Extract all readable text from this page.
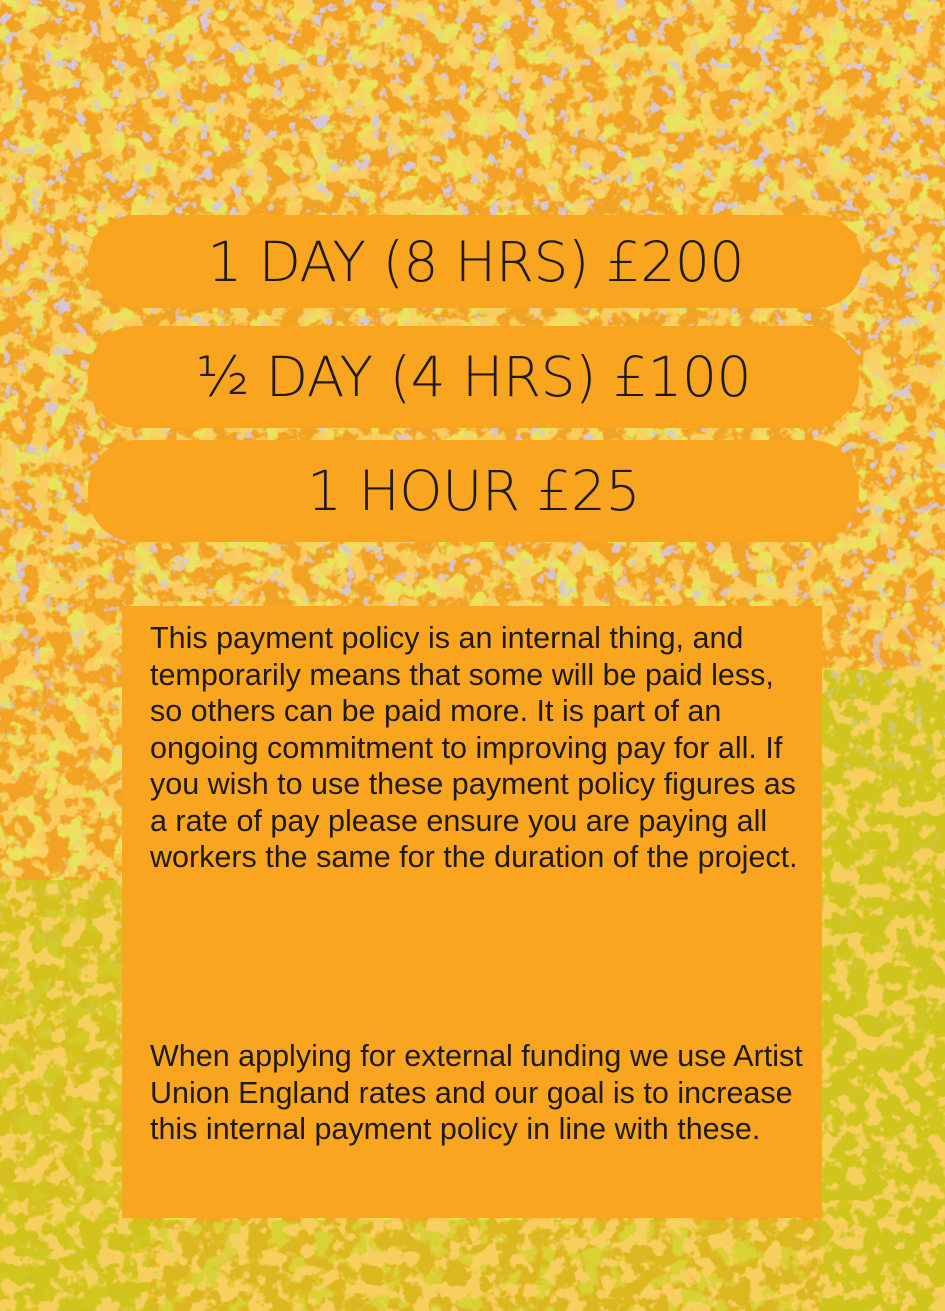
1 DAY (8 HRS) £200
½ DAY (4 HRS) £100
1 HOUR £25

This payment policy is an internal thing, and temporarily means that some will be paid less, so others can be paid more. It is part of an ongoing commitment to improving pay for all. If you wish to use these payment policy figures as a rate of pay please ensure you are paying all workers the same for the duration of the project.

When applying for external funding we use Artist Union England rates and our goal is to increase this internal payment policy in line with these.
